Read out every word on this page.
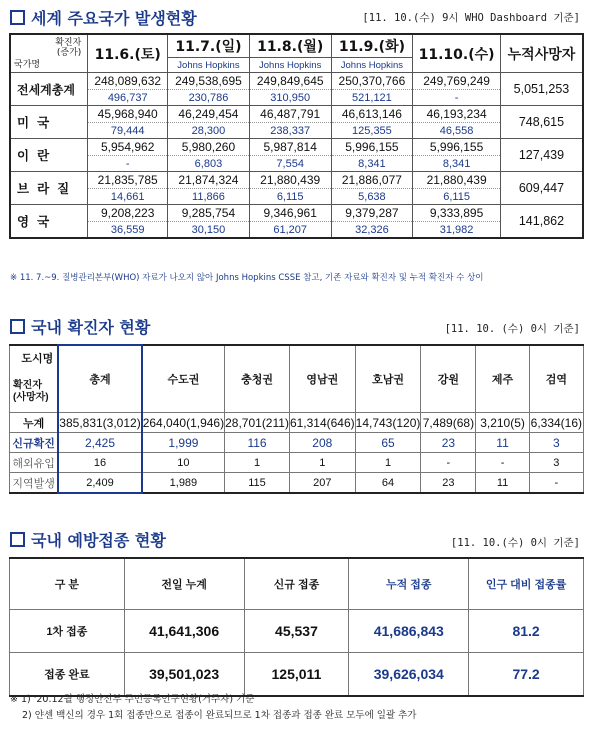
세계 주요국가 발생현황	[11. 10.(수) 9시 WHO Dashboard 기준]
확진자
(증가)
국가명	11.6.(토)	11.7.(일)	11.8.(월)	11.9.(화)	11.10.(수)	누적사망자
		Johns Hopkins	Johns Hopkins	Johns Hopkins		
전세계총계	248,089,632	249,538,695	249,849,645	250,370,766	249,769,249	5,051,253
	496,737	230,786	310,950	521,121	-	
미국	45,968,940	46,249,454	46,487,791	46,613,146	46,193,234	748,615
	79,444	28,300	238,337	125,355	46,558	
이란	5,954,962	5,980,260	5,987,814	5,996,155	5,996,155	127,439
	-	6,803	7,554	8,341	8,341	
브라질	21,835,785	21,874,324	21,880,439	21,886,077	21,880,439	609,447
	14,661	11,866	6,115	5,638	6,115	
영국	9,208,223	9,285,754	9,346,961	9,379,287	9,333,895	141,862
	36,559	30,150	61,207	32,326	31,982	
※ 11. 7.~9. 질병관리본부(WHO) 자료가 나오지 않아 Johns Hopkins CSSE 참고, 기존 자료와 확진자 및 누적 확진자 수 상이
국내 확진자 현황	[11. 10. (수) 0시 기준]
도시명
확진자 (사망자)	총계	수도권	충청권	영남권	호남권	강원	제주	검역
누계	385,831(3,012)	264,040(1,946)	28,701(211)	61,314(646)	14,743(120)	7,489(68)	3,210(5)	6,334(16)
신규확진	2,425	1,999	116	208	65	23	11	3
해외유입	16	10	1	1	1	-	-	3
지역발생	2,409	1,989	115	207	64	23	11	-
국내 예방접종 현황	[11. 10.(수) 0시 기준]
구 분	전일 누계	신규 접종	누적 접종	인구 대비 접종률
1차 접종	41,641,306	45,537	41,686,843	81.2
접종 완료	39,501,023	125,011	39,626,034	77.2
※ 1) '20.12월 행정안전부 주민등록인구현황(거주자) 기준
2) 얀센 백신의 경우 1회 접종만으로 접종이 완료되므로 1차 접종과 접종 완료 모두에 일괄 추가
